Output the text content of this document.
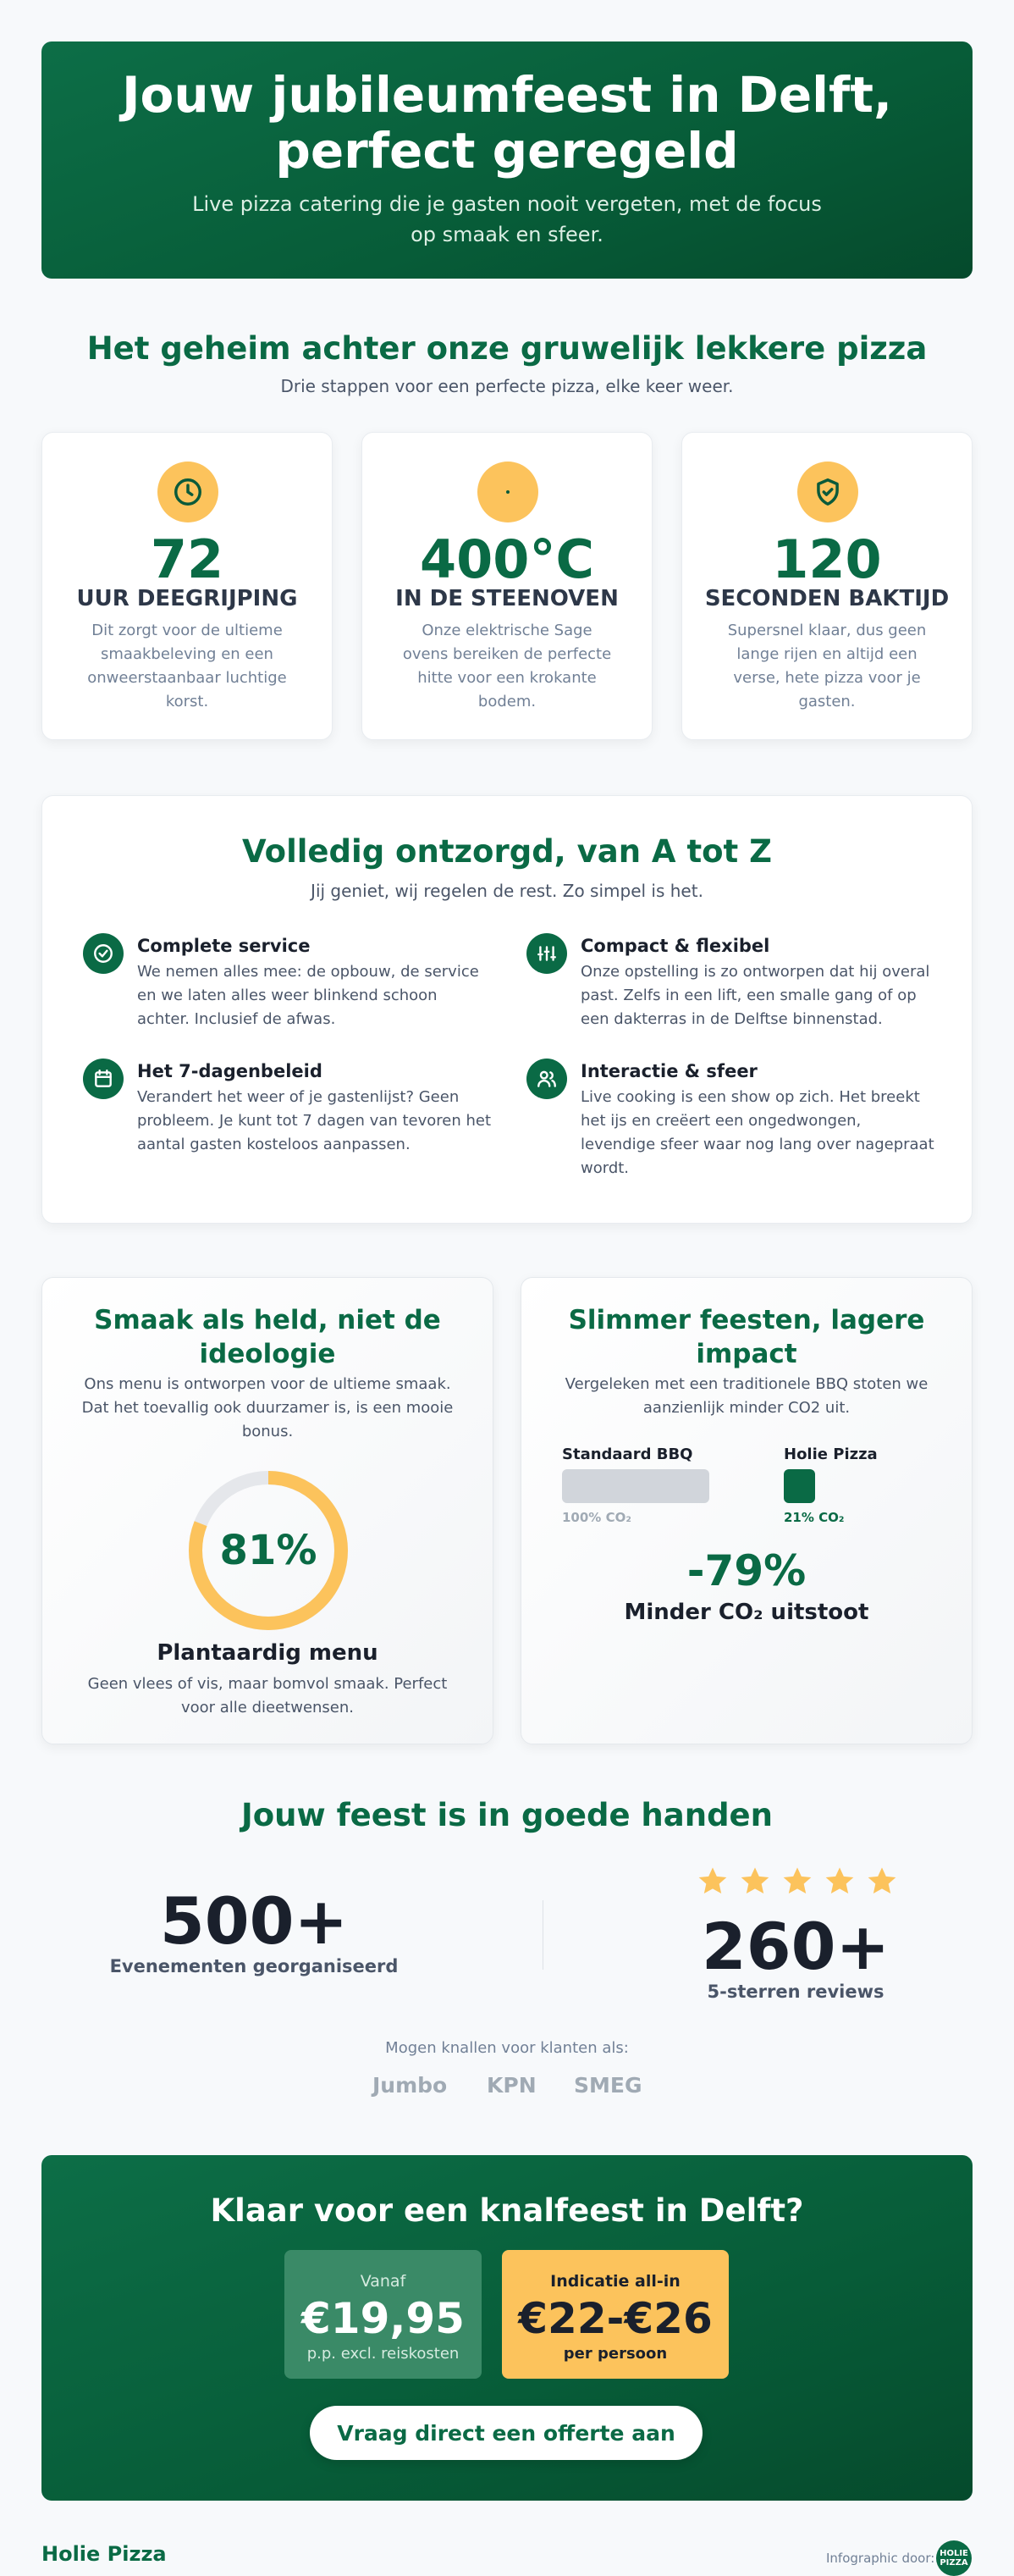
Jouw jubileumfeest in Delft,
perfect geregeld
Live pizza catering die je gasten nooit vergeten, met de focus op smaak en sfeer.
Het geheim achter onze gruwelijk lekkere pizza
Drie stappen voor een perfecte pizza, elke keer weer.
72
UUR DEEGRIJPING
Dit zorgt voor de ultieme smaakbeleving en een onweerstaanbaar luchtige korst.
400°C
IN DE STEENOVEN
Onze elektrische Sage ovens bereiken de perfecte hitte voor een krokante bodem.
120
SECONDEN BAKTIJD
Supersnel klaar, dus geen lange rijen en altijd een verse, hete pizza voor je gasten.
Volledig ontzorgd, van A tot Z
Jij geniet, wij regelen de rest. Zo simpel is het.
Complete service
We nemen alles mee: de opbouw, de service en we laten alles weer blinkend schoon achter. Inclusief de afwas.
Compact & flexibel
Onze opstelling is zo ontworpen dat hij overal past. Zelfs in een lift, een smalle gang of op een dakterras in de Delftse binnenstad.
Het 7-dagenbeleid
Verandert het weer of je gastenlijst? Geen probleem. Je kunt tot 7 dagen van tevoren het aantal gasten kosteloos aanpassen.
Interactie & sfeer
Live cooking is een show op zich. Het breekt het ijs en creëert een ongedwongen, levendige sfeer waar nog lang over nagepraat wordt.
Smaak als held, niet de ideologie
Ons menu is ontworpen voor de ultieme smaak. Dat het toevallig ook duurzamer is, is een mooie bonus.
81%
Plantaardig menu
Geen vlees of vis, maar bomvol smaak. Perfect voor alle dieetwensen.
Slimmer feesten, lagere impact
Vergeleken met een traditionele BBQ stoten we aanzienlijk minder CO2 uit.
Standaard BBQ
100% CO₂
Holie Pizza
21% CO₂
-79%
Minder CO₂ uitstoot
Jouw feest is in goede handen
500+
Evenementen georganiseerd	260+
5-sterren reviews
Mogen knallen voor klanten als:
Jumbo KPN SMEG
Klaar voor een knalfeest in Delft?
Vanaf
€19,95
p.p. excl. reiskosten
Indicatie all-in
€22-€26
per persoon
Vraag direct een offerte aan
Holie Pizza	Infographic door: HOLIE
PIZZA
